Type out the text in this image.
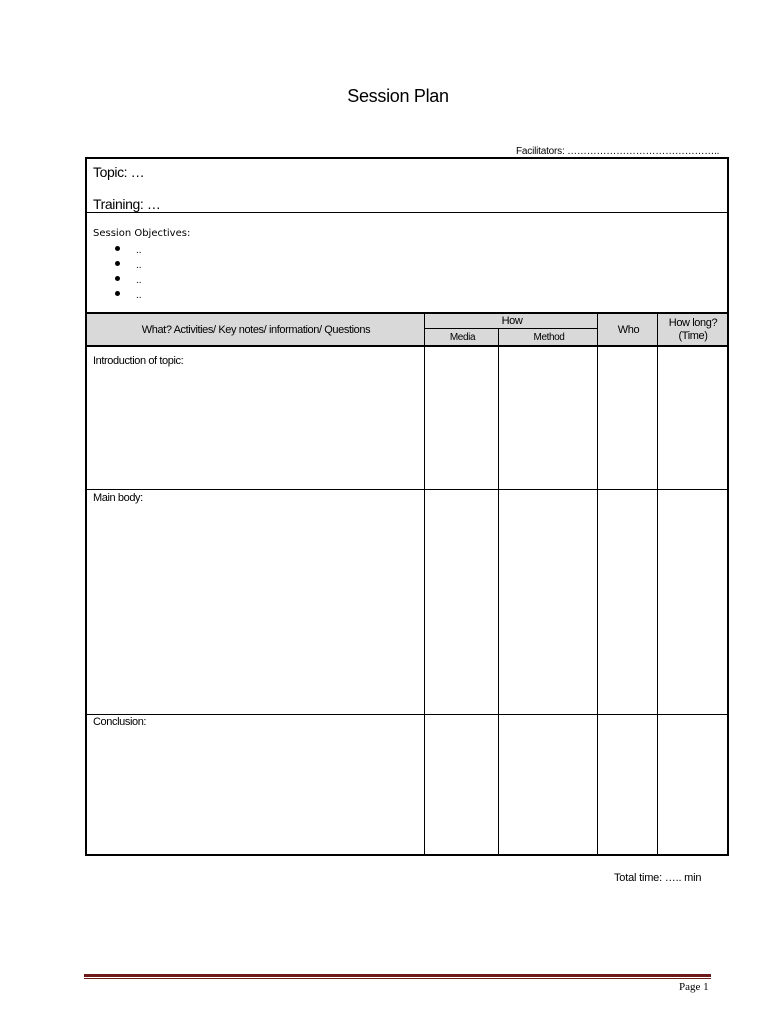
Session Plan
Facilitators: ………………………………………..
Topic: …
Training: …
Session Objectives:
..
..
..
..
What? Activities/ Key notes/ information/ Questions
How
Media	Method
Who
How long?
(Time)
Introduction of topic:
Main body:
Conclusion:
Total time: ….. min
Page 1
